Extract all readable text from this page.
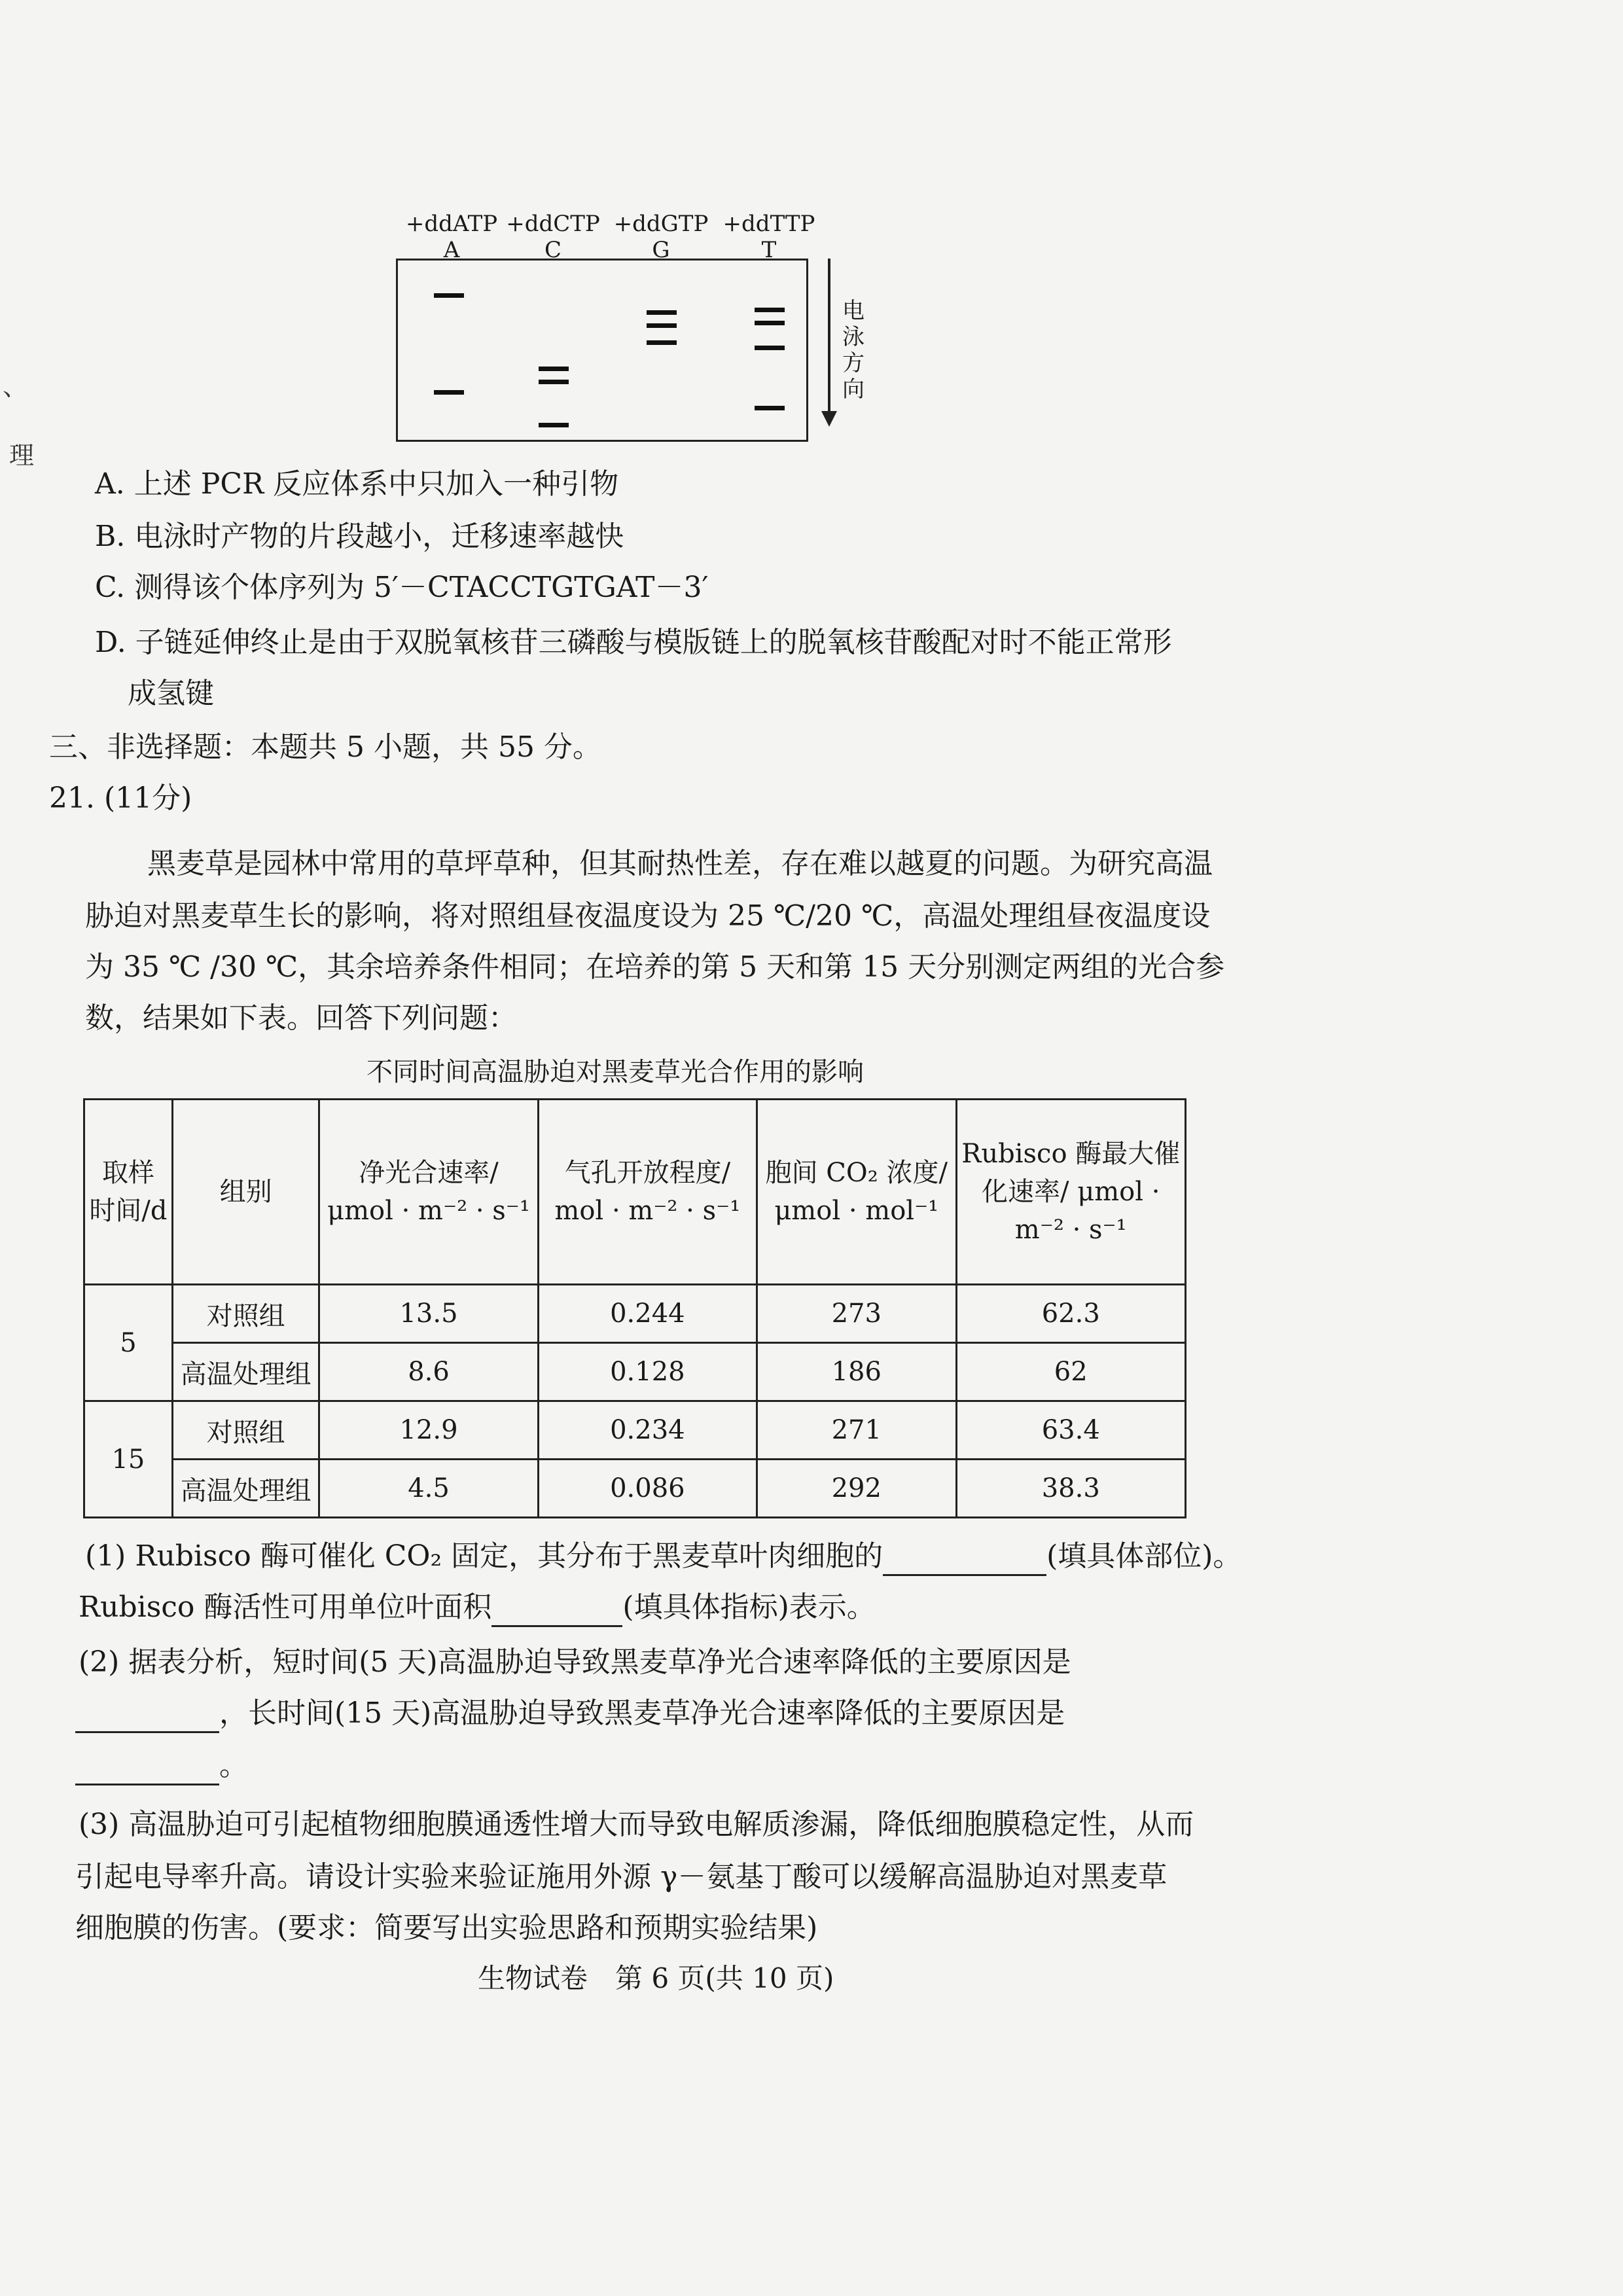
+ddATP
A
+ddCTP
C
+ddGTP
G
+ddTTP
T
电泳方向
、
理
A. 上述 PCR 反应体系中只加入一种引物
B. 电泳时产物的片段越小，迁移速率越快
C. 测得该个体序列为 5′－CTACCTGTGAT－3′
D. 子链延伸终止是由于双脱氧核苷三磷酸与模版链上的脱氧核苷酸配对时不能正常形
成氢键
三、非选择题：本题共 5 小题，共 55 分。
21. (11分)
黑麦草是园林中常用的草坪草种，但其耐热性差，存在难以越夏的问题。为研究高温
胁迫对黑麦草生长的影响，将对照组昼夜温度设为 25 ℃/20 ℃，高温处理组昼夜温度设
为 35 ℃ /30 ℃，其余培养条件相同；在培养的第 5 天和第 15 天分别测定两组的光合参
数，结果如下表。回答下列问题：
不同时间高温胁迫对黑麦草光合作用的影响
取样时间/d	组别	净光合速率/ μmol · m⁻² · s⁻¹	气孔开放程度/ mol · m⁻² · s⁻¹	胞间 CO₂ 浓度/ μmol · mol⁻¹	Rubisco 酶最大催化速率/ μmol · m⁻² · s⁻¹
5	对照组	13.5	0.244	273	62.3
	高温处理组	8.6	0.128	186	62
15	对照组	12.9	0.234	271	63.4
	高温处理组	4.5	0.086	292	38.3
(1) Rubisco 酶可催化 CO₂ 固定，其分布于黑麦草叶肉细胞的	(填具体部位)。
Rubisco 酶活性可用单位叶面积	(填具体指标)表示。
(2) 据表分析，短时间(5 天)高温胁迫导致黑麦草净光合速率降低的主要原因是
，长时间(15 天)高温胁迫导致黑麦草净光合速率降低的主要原因是
。
(3) 高温胁迫可引起植物细胞膜通透性增大而导致电解质渗漏，降低细胞膜稳定性，从而
引起电导率升高。请设计实验来验证施用外源 γ－氨基丁酸可以缓解高温胁迫对黑麦草
细胞膜的伤害。(要求：简要写出实验思路和预期实验结果)
生物试卷　第 6 页(共 10 页)
